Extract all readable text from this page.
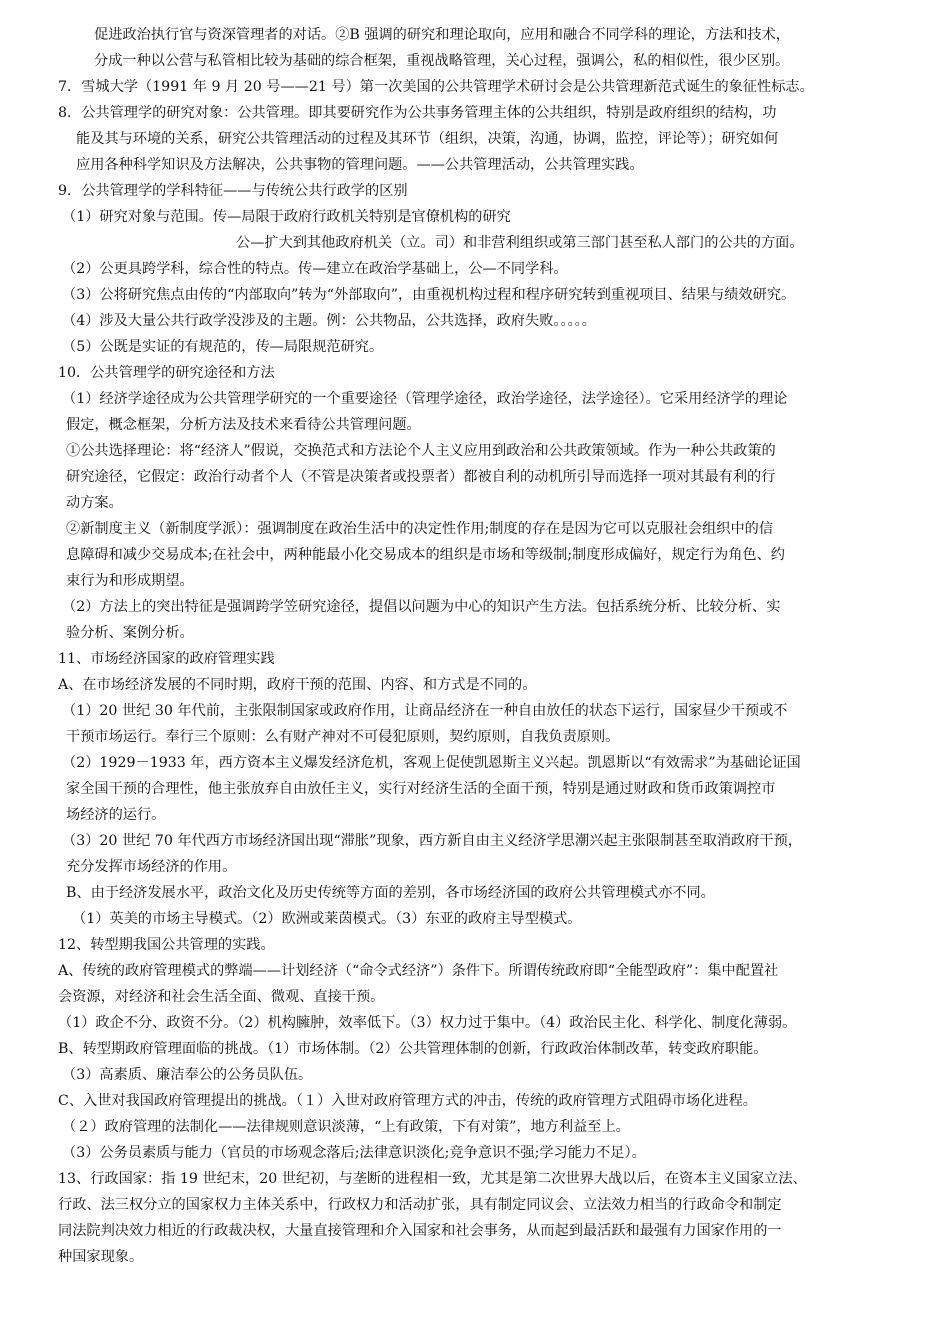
促进政治执行官与资深管理者的对话。②B 强调的研究和理论取向，应用和融合不同学科的理论，方法和技术，
分成一种以公营与私管相比较为基础的综合框架，重视战略管理，关心过程，强调公，私的相似性，很少区别。
7．雪城大学（1991 年 9 月 20 号——21 号）第一次美国的公共管理学术研讨会是公共管理新范式诞生的象征性标志。
8．公共管理学的研究对象：公共管理。即其要研究作为公共事务管理主体的公共组织，特别是政府组织的结构，功
能及其与环境的关系，研究公共管理活动的过程及其环节（组织，决策，沟通，协调，监控，评论等）；研究如何
应用各种科学知识及方法解决，公共事物的管理问题。——公共管理活动，公共管理实践。
9．公共管理学的学科特征——与传统公共行政学的区别
（1）研究对象与范围。传—局限于政府行政机关特别是官僚机构的研究
公—扩大到其他政府机关（立。司）和非营利组织或第三部门甚至私人部门的公共的方面。
（2）公更具跨学科，综合性的特点。传—建立在政治学基础上，公—不同学科。
（3）公将研究焦点由传的“内部取向”转为“外部取向”，由重视机构过程和程序研究转到重视项目、结果与绩效研究。
（4）涉及大量公共行政学没涉及的主题。例：公共物品，公共选择，政府失败。。。。。
（5）公既是实证的有规范的，传—局限规范研究。
10．公共管理学的研究途径和方法
（1）经济学途径成为公共管理学研究的一个重要途径（管理学途径，政治学途径，法学途径）。它采用经济学的理论
假定，概念框架，分析方法及技术来看待公共管理问题。
①公共选择理论：将“经济人”假说，交换范式和方法论个人主义应用到政治和公共政策领域。作为一种公共政策的
研究途径，它假定：政治行动者个人（不管是决策者或投票者）都被自利的动机所引导而选择一项对其最有利的行
动方案。
②新制度主义（新制度学派）：强调制度在政治生活中的决定性作用;制度的存在是因为它可以克服社会组织中的信
息障碍和减少交易成本;在社会中，两种能最小化交易成本的组织是市场和等级制;制度形成偏好，规定行为角色、约
束行为和形成期望。
（2）方法上的突出特征是强调跨学笠研究途径，提倡以问题为中心的知识产生方法。包括系统分析、比较分析、实
验分析、案例分析。
11、市场经济国家的政府管理实践
A、在市场经济发展的不同时期，政府干预的范围、内容、和方式是不同的。
（1）20 世纪 30 年代前，主张限制国家或政府作用，让商品经济在一种自由放任的状态下运行，国家昼少干预或不
干预市场运行。奉行三个原则：么有财产神对不可侵犯原则，契约原则，自我负责原则。
（2）1929－1933 年，西方资本主义爆发经济危机，客观上促使凯恩斯主义兴起。凯恩斯以“有效需求”为基础论证国
家全国干预的合理性，他主张放弃自由放任主义，实行对经济生活的全面干预，特别是通过财政和货币政策调控市
场经济的运行。
（3）20 世纪 70 年代西方市场经济国出现“滞胀”现象，西方新自由主义经济学思潮兴起主张限制甚至取消政府干预，
充分发挥市场经济的作用。
B、由于经济发展水平，政治文化及历史传统等方面的差别，各市场经济国的政府公共管理模式亦不同。
（1）英美的市场主导模式。（2）欧洲或莱茵模式。（3）东亚的政府主导型模式。
12、转型期我国公共管理的实践。
A、传统的政府管理模式的弊端——计划经济（“命令式经济”）条件下。所谓传统政府即“全能型政府”：集中配置社
会资源，对经济和社会生活全面、微观、直接干预。
（1）政企不分、政资不分。（2）机构臃肿，效率低下。（3）权力过于集中。（4）政治民主化、科学化、制度化薄弱。
B、转型期政府管理面临的挑战。（1）市场体制。（2）公共管理体制的创新，行政政治体制改革，转变政府职能。
（3）高素质、廉洁奉公的公务员队伍。
C、入世对我国政府管理提出的挑战。（１）入世对政府管理方式的冲击，传统的政府管理方式阻碍市场化进程。
（２）政府管理的法制化——法律规则意识淡薄，“上有政策，下有对策”，地方利益至上。
（3）公务员素质与能力（官员的市场观念落后;法律意识淡化;竞争意识不强;学习能力不足）。
13、行政国家：指 19 世纪末，20 世纪初，与垄断的进程相一致，尤其是第二次世界大战以后，在资本主义国家立法、
行政、法三权分立的国家权力主体关系中，行政权力和活动扩张，具有制定同议会、立法效力相当的行政命令和制定
同法院判决效力相近的行政裁决权，大量直接管理和介入国家和社会事务，从而起到最活跃和最强有力国家作用的一
种国家现象。
